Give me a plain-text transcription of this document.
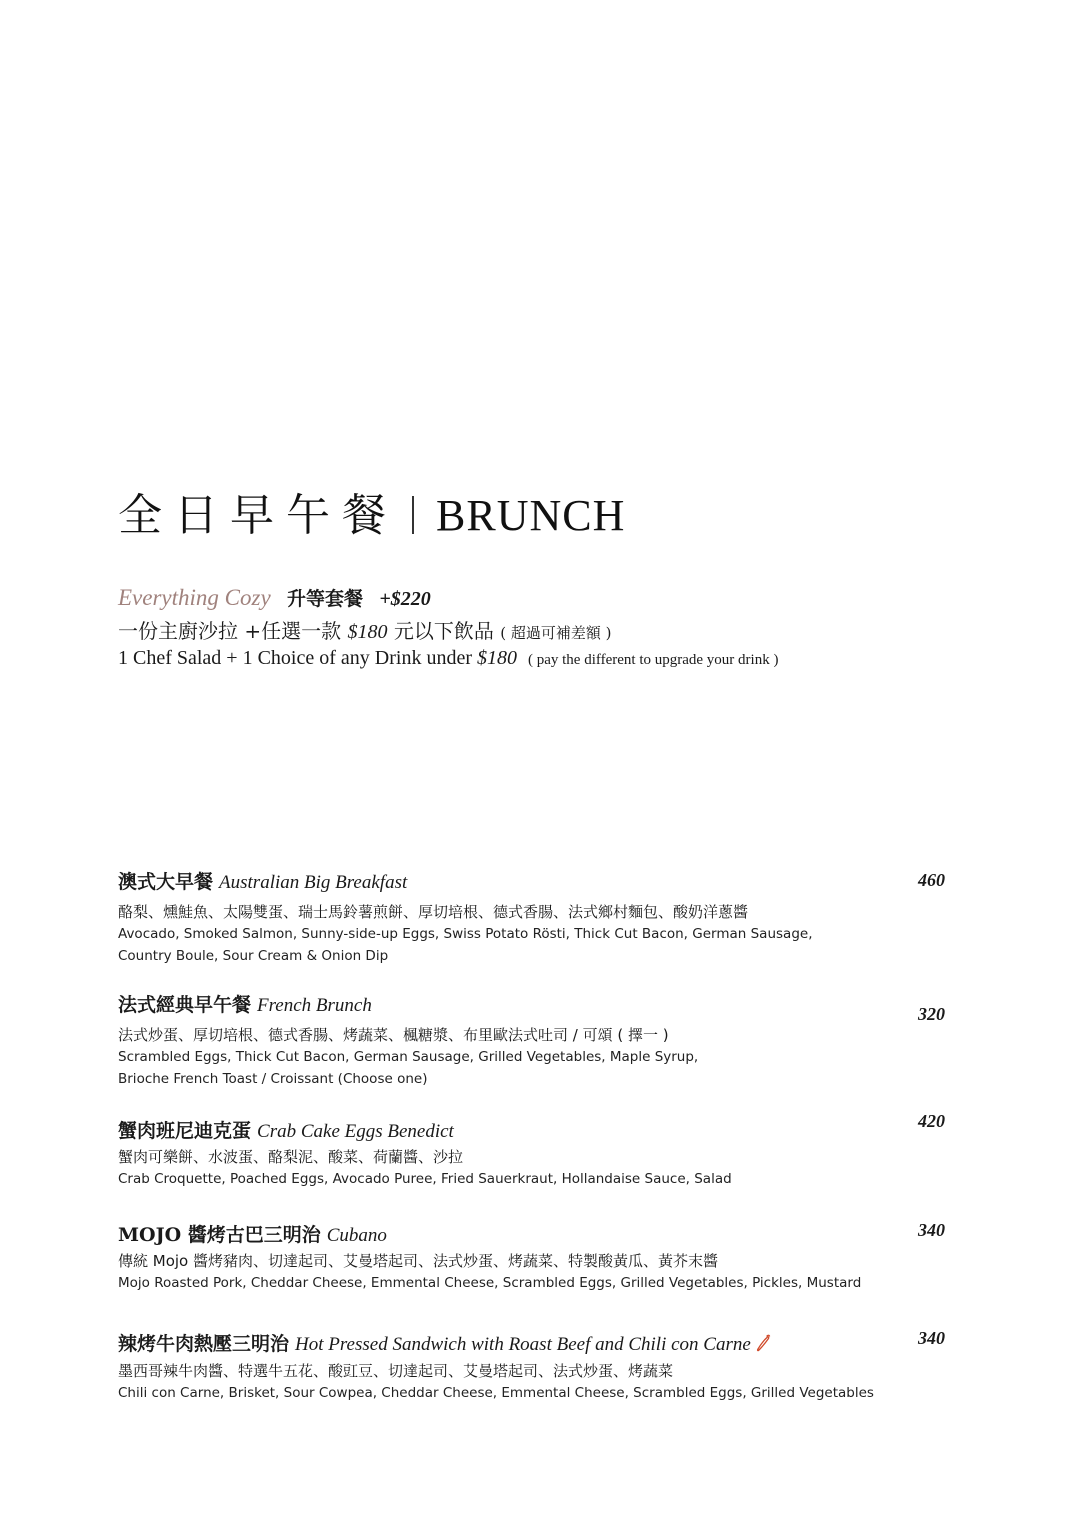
全日早午餐 BRUNCH
Everything Cozy 升等套餐 +$220
一份主廚沙拉 +任選一款 $180 元以下飲品 ( 超過可補差額 )
1 Chef Salad + 1 Choice of any Drink under $180 ( pay the different to upgrade your drink )
澳式大早餐 Australian Big Breakfast
酪梨、燻鮭魚、太陽雙蛋、瑞士馬鈴薯煎餅、厚切培根、德式香腸、法式鄉村麵包、酸奶洋蔥醬
Avocado, Smoked Salmon, Sunny-side-up Eggs, Swiss Potato Rösti, Thick Cut Bacon, German Sausage,
Country Boule, Sour Cream & Onion Dip
460
法式經典早午餐 French Brunch
法式炒蛋、厚切培根、德式香腸、烤蔬菜、楓糖漿、布里歐法式吐司 / 可頌 ( 擇一 )
Scrambled Eggs, Thick Cut Bacon, German Sausage, Grilled Vegetables, Maple Syrup,
Brioche French Toast / Croissant (Choose one)
320
蟹肉班尼迪克蛋 Crab Cake Eggs Benedict
蟹肉可樂餅、水波蛋、酪梨泥、酸菜、荷蘭醬、沙拉
Crab Croquette, Poached Eggs, Avocado Puree, Fried Sauerkraut, Hollandaise Sauce, Salad
420
MOJO 醬烤古巴三明治 Cubano
傳統 Mojo 醬烤豬肉、切達起司、艾曼塔起司、法式炒蛋、烤蔬菜、特製酸黃瓜、黃芥末醬
Mojo Roasted Pork, Cheddar Cheese, Emmental Cheese, Scrambled Eggs, Grilled Vegetables, Pickles, Mustard
340
辣烤牛肉熱壓三明治 Hot Pressed Sandwich with Roast Beef and Chili con Carne
墨西哥辣牛肉醬、特選牛五花、酸豇豆、切達起司、艾曼塔起司、法式炒蛋、烤蔬菜
Chili con Carne, Brisket, Sour Cowpea, Cheddar Cheese, Emmental Cheese, Scrambled Eggs, Grilled Vegetables
340
